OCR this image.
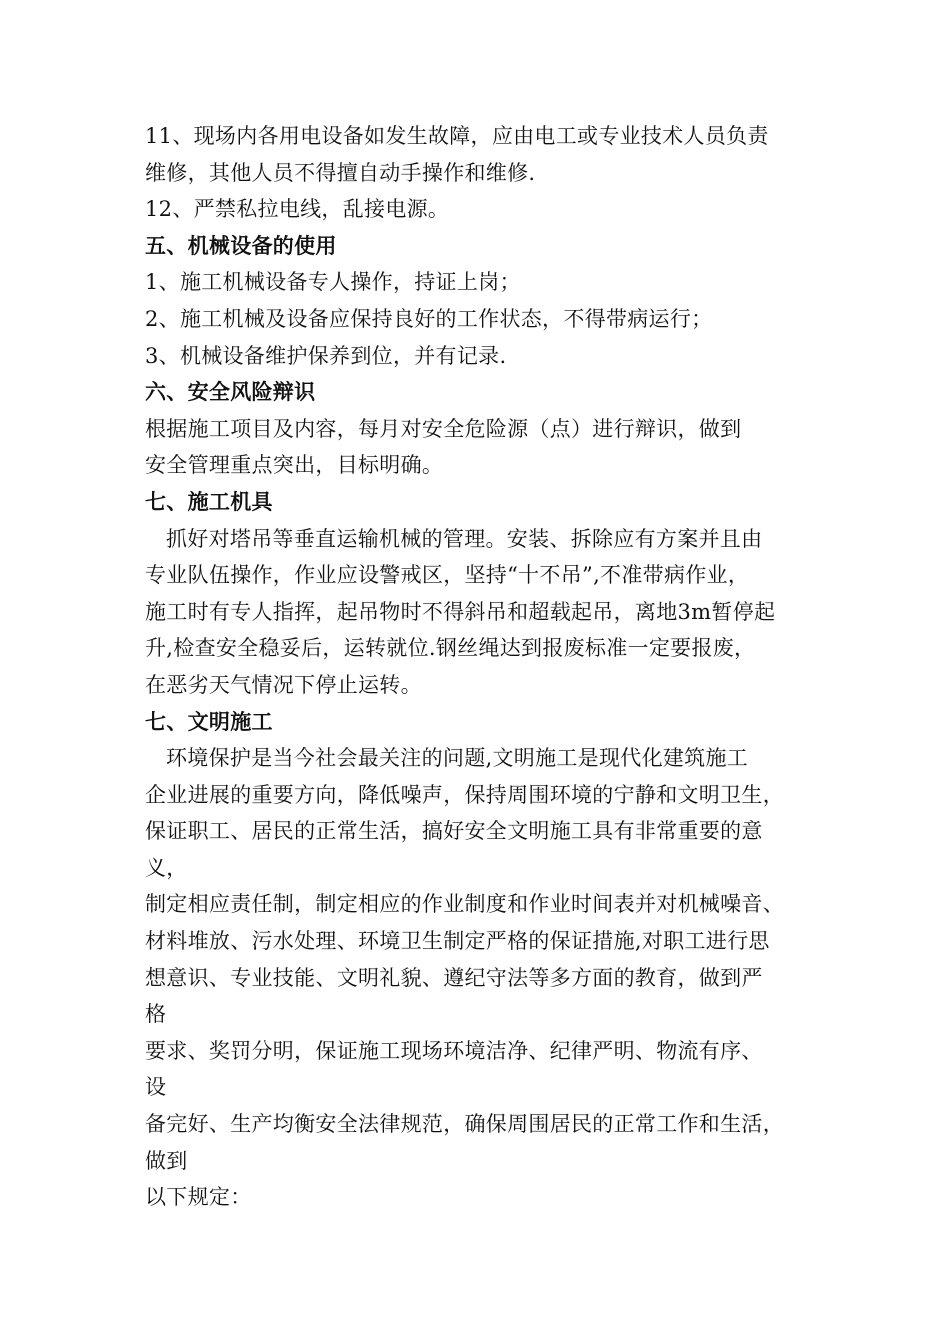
11、现场内各用电设备如发生故障，应由电工或专业技术人员负责
维修，其他人员不得擅自动手操作和维修.
12、严禁私拉电线，乱接电源。
五、机械设备的使用
1、施工机械设备专人操作，持证上岗；
2、施工机械及设备应保持良好的工作状态，不得带病运行；
3、机械设备维护保养到位，并有记录.
六、安全风险辩识
根据施工项目及内容，每月对安全危险源（点）进行辩识，做到
安全管理重点突出，目标明确。
七、施工机具
抓好对塔吊等垂直运输机械的管理。安装、拆除应有方案并且由
专业队伍操作，作业应设警戒区，坚持“十不吊”,不准带病作业，
施工时有专人指挥，起吊物时不得斜吊和超载起吊，离地3m暂停起
升,检查安全稳妥后，运转就位.钢丝绳达到报废标准一定要报废，
在恶劣天气情况下停止运转。
七、文明施工
环境保护是当今社会最关注的问题,文明施工是现代化建筑施工
企业进展的重要方向，降低噪声，保持周围环境的宁静和文明卫生，
保证职工、居民的正常生活，搞好安全文明施工具有非常重要的意
义，
制定相应责任制，制定相应的作业制度和作业时间表并对机械噪音、
材料堆放、污水处理、环境卫生制定严格的保证措施,对职工进行思
想意识、专业技能、文明礼貌、遵纪守法等多方面的教育，做到严
格
要求、奖罚分明，保证施工现场环境洁净、纪律严明、物流有序、
设
备完好、生产均衡安全法律规范，确保周围居民的正常工作和生活，
做到
以下规定：
